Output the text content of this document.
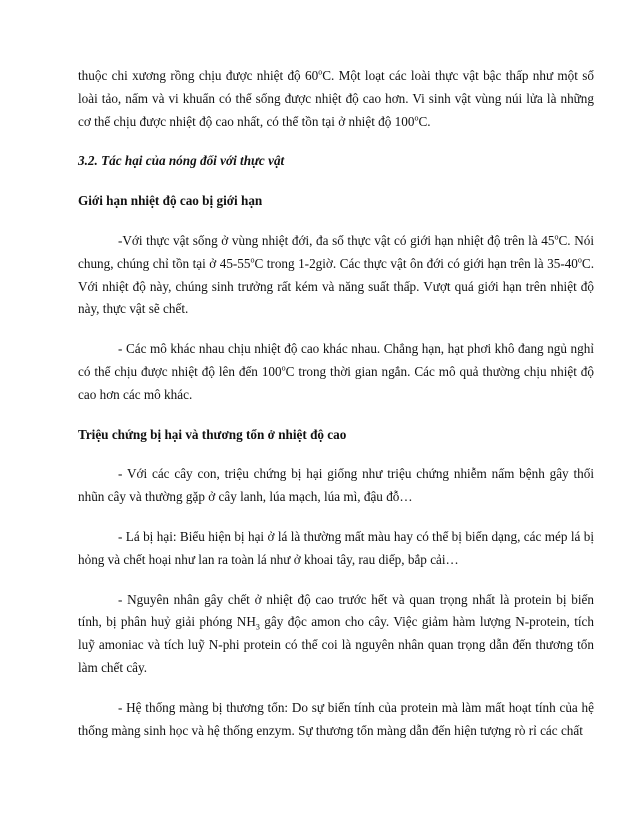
thuộc chi xương rồng chịu được nhiệt độ 60$^o$C. Một loạt các loài thực vật bậc thấp như một số loài tảo, nấm và vi khuẩn có thể sống được nhiệt độ cao hơn. Vi sinh vật vùng núi lửa là những cơ thể chịu được nhiệt độ cao nhất, có thể tồn tại ở nhiệt độ 100$^o$C.

3.2. Tác hại của nóng đối với thực vật

Giới hạn nhiệt độ cao bị giới hạn

-Với thực vật sống ở vùng nhiệt đới, đa số thực vật có giới hạn nhiệt độ trên là 45$^o$C. Nói chung, chúng chỉ tồn tại ở 45-55$^o$C trong 1-2giờ. Các thực vật ôn đới có giới hạn trên là 35-40$^o$C. Với nhiệt độ này, chúng sinh trưởng rất kém và năng suất thấp. Vượt quá giới hạn trên nhiệt độ này, thực vật sẽ chết.

- Các mô khác nhau chịu nhiệt độ cao khác nhau. Chẳng hạn, hạt phơi khô đang ngủ nghỉ có thể chịu được nhiệt độ lên đến 100$^o$C trong thời gian ngắn. Các mô quả thường chịu nhiệt độ cao hơn các mô khác.

Triệu chứng bị hại và thương tổn ở nhiệt độ cao

- Với các cây con, triệu chứng bị hại giống như triệu chứng nhiễm nấm bệnh gây thối nhũn cây và thường gặp ở cây lanh, lúa mạch, lúa mì, đậu đỗ…

- Lá bị hại: Biểu hiện bị hại ở lá là thường mất màu hay có thể bị biến dạng, các mép lá bị hỏng và chết hoại như lan ra toàn lá như ở khoai tây, rau diếp, bắp cải…

- Nguyên nhân gây chết ở nhiệt độ cao trước hết và quan trọng nhất là protein bị biến tính, bị phân huỷ giải phóng $NH_3$ gây độc amon cho cây. Việc giảm hàm lượng N-protein, tích luỹ amoniac và tích luỹ N-phi protein có thể coi là nguyên nhân quan trọng dẫn đến thương tổn làm chết cây.

- Hệ thống màng bị thương tổn: Do sự biến tính của protein mà làm mất hoạt tính của hệ thống màng sinh học và hệ thống enzym. Sự thương tổn màng dẫn đến hiện tượng rò rỉ các chất
